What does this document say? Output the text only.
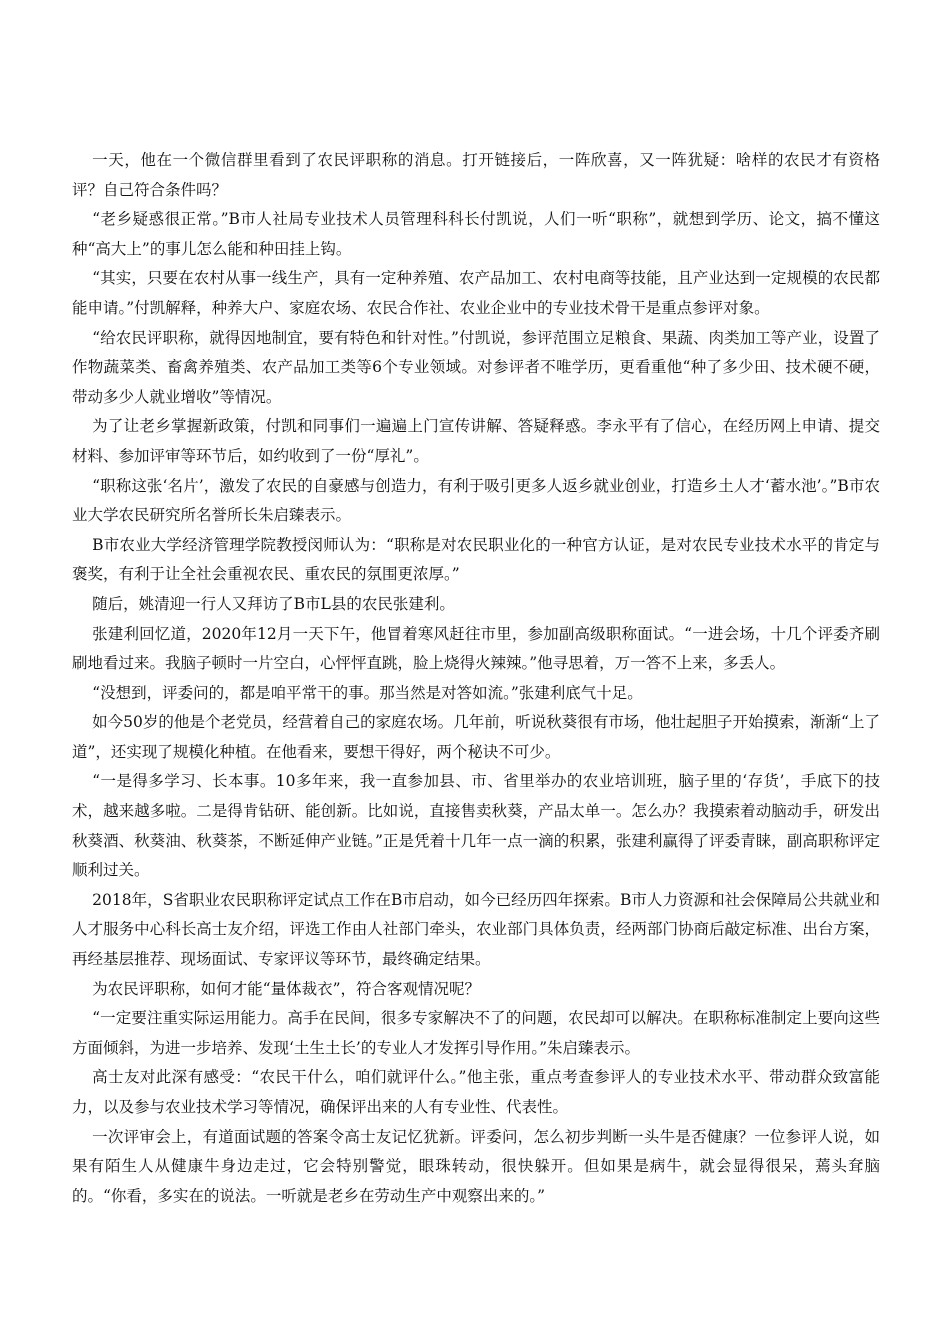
一天，他在一个微信群里看到了农民评职称的消息。打开链接后，一阵欣喜，又一阵犹疑：啥样的农民才有资格评？自己符合条件吗？

“老乡疑惑很正常。”B市人社局专业技术人员管理科科长付凯说，人们一听“职称”，就想到学历、论文，搞不懂这种“高大上”的事儿怎么能和种田挂上钩。

“其实，只要在农村从事一线生产，具有一定种养殖、农产品加工、农村电商等技能，且产业达到一定规模的农民都能申请。”付凯解释，种养大户、家庭农场、农民合作社、农业企业中的专业技术骨干是重点参评对象。

“给农民评职称，就得因地制宜，要有特色和针对性。”付凯说，参评范围立足粮食、果蔬、肉类加工等产业，设置了作物蔬菜类、畜禽养殖类、农产品加工类等6个专业领域。对参评者不唯学历，更看重他“种了多少田、技术硬不硬，带动多少人就业增收”等情况。

为了让老乡掌握新政策，付凯和同事们一遍遍上门宣传讲解、答疑释惑。李永平有了信心，在经历网上申请、提交材料、参加评审等环节后，如约收到了一份“厚礼”。

“职称这张‘名片’，激发了农民的自豪感与创造力，有利于吸引更多人返乡就业创业，打造乡土人才‘蓄水池’。”B市农业大学农民研究所名誉所长朱启臻表示。

B市农业大学经济管理学院教授闵师认为：“职称是对农民职业化的一种官方认证，是对农民专业技术水平的肯定与褒奖，有利于让全社会重视农民、重农民的氛围更浓厚。”

随后，姚清迎一行人又拜访了B市L县的农民张建利。

张建利回忆道，2020年12月一天下午，他冒着寒风赶往市里，参加副高级职称面试。“一进会场，十几个评委齐刷刷地看过来。我脑子顿时一片空白，心怦怦直跳，脸上烧得火辣辣。”他寻思着，万一答不上来，多丢人。

“没想到，评委问的，都是咱平常干的事。那当然是对答如流。”张建利底气十足。

如今50岁的他是个老党员，经营着自己的家庭农场。几年前，听说秋葵很有市场，他壮起胆子开始摸索，渐渐“上了道”，还实现了规模化种植。在他看来，要想干得好，两个秘诀不可少。

“一是得多学习、长本事。10多年来，我一直参加县、市、省里举办的农业培训班，脑子里的‘存货’，手底下的技术，越来越多啦。二是得肯钻研、能创新。比如说，直接售卖秋葵，产品太单一。怎么办？我摸索着动脑动手，研发出秋葵酒、秋葵油、秋葵茶，不断延伸产业链。”正是凭着十几年一点一滴的积累，张建利赢得了评委青睐，副高职称评定顺利过关。

2018年，S省职业农民职称评定试点工作在B市启动，如今已经历四年探索。B市人力资源和社会保障局公共就业和人才服务中心科长高士友介绍，评选工作由人社部门牵头，农业部门具体负责，经两部门协商后敲定标准、出台方案，再经基层推荐、现场面试、专家评议等环节，最终确定结果。

为农民评职称，如何才能“量体裁衣”，符合客观情况呢？

“一定要注重实际运用能力。高手在民间，很多专家解决不了的问题，农民却可以解决。在职称标准制定上要向这些方面倾斜，为进一步培养、发现‘土生土长’的专业人才发挥引导作用。”朱启臻表示。

高士友对此深有感受：“农民干什么，咱们就评什么。”他主张，重点考查参评人的专业技术水平、带动群众致富能力，以及参与农业技术学习等情况，确保评出来的人有专业性、代表性。

一次评审会上，有道面试题的答案令高士友记忆犹新。评委问，怎么初步判断一头牛是否健康？一位参评人说，如果有陌生人从健康牛身边走过，它会特别警觉，眼珠转动，很快躲开。但如果是病牛，就会显得很呆，蔫头耷脑的。“你看，多实在的说法。一听就是老乡在劳动生产中观察出来的。”
